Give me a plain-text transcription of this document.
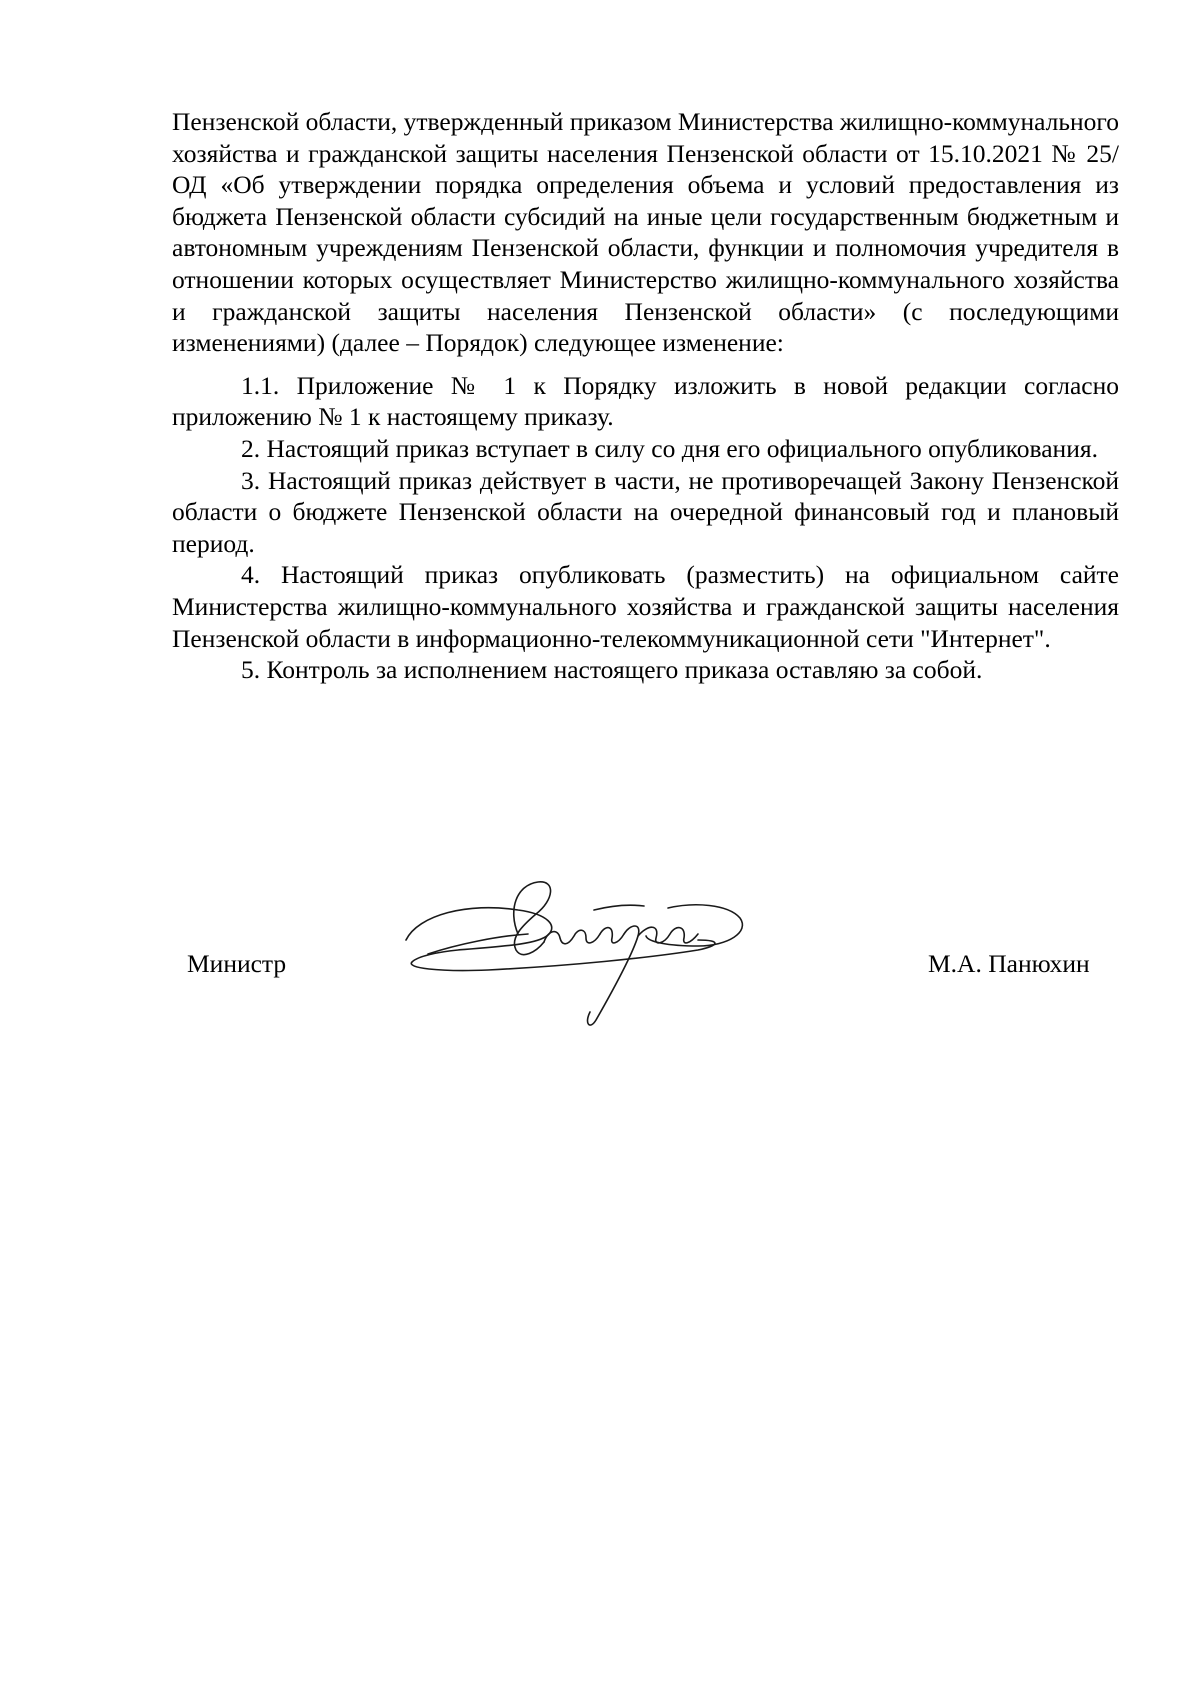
Пензенской области, утвержденный приказом Министерства жилищно-коммунального хозяйства и гражданской защиты населения Пензенской области от 15.10.2021 № 25/ОД «Об утверждении порядка определения объема и условий предоставления из бюджета Пензенской области субсидий на иные цели государственным бюджетным и автономным учреждениям Пензенской области, функции и полномочия учредителя в отношении которых осуществляет Министерство жилищно-коммунального хозяйства и гражданской защиты населения Пензенской области» (с последующими изменениями) (далее – Порядок) следующее изменение:

1.1. Приложение № 1 к Порядку изложить в новой редакции согласно приложению № 1 к настоящему приказу.

2. Настоящий приказ вступает в силу со дня его официального опубликования.

3. Настоящий приказ действует в части, не противоречащей Закону Пензенской области о бюджете Пензенской области на очередной финансовый год и плановый период.

4. Настоящий приказ опубликовать (разместить) на официальном сайте Министерства жилищно-коммунального хозяйства и гражданской защиты населения Пензенской области в информационно-телекоммуникационной сети "Интернет".

5. Контроль за исполнением настоящего приказа оставляю за собой.

Министр	М.А. Панюхин
